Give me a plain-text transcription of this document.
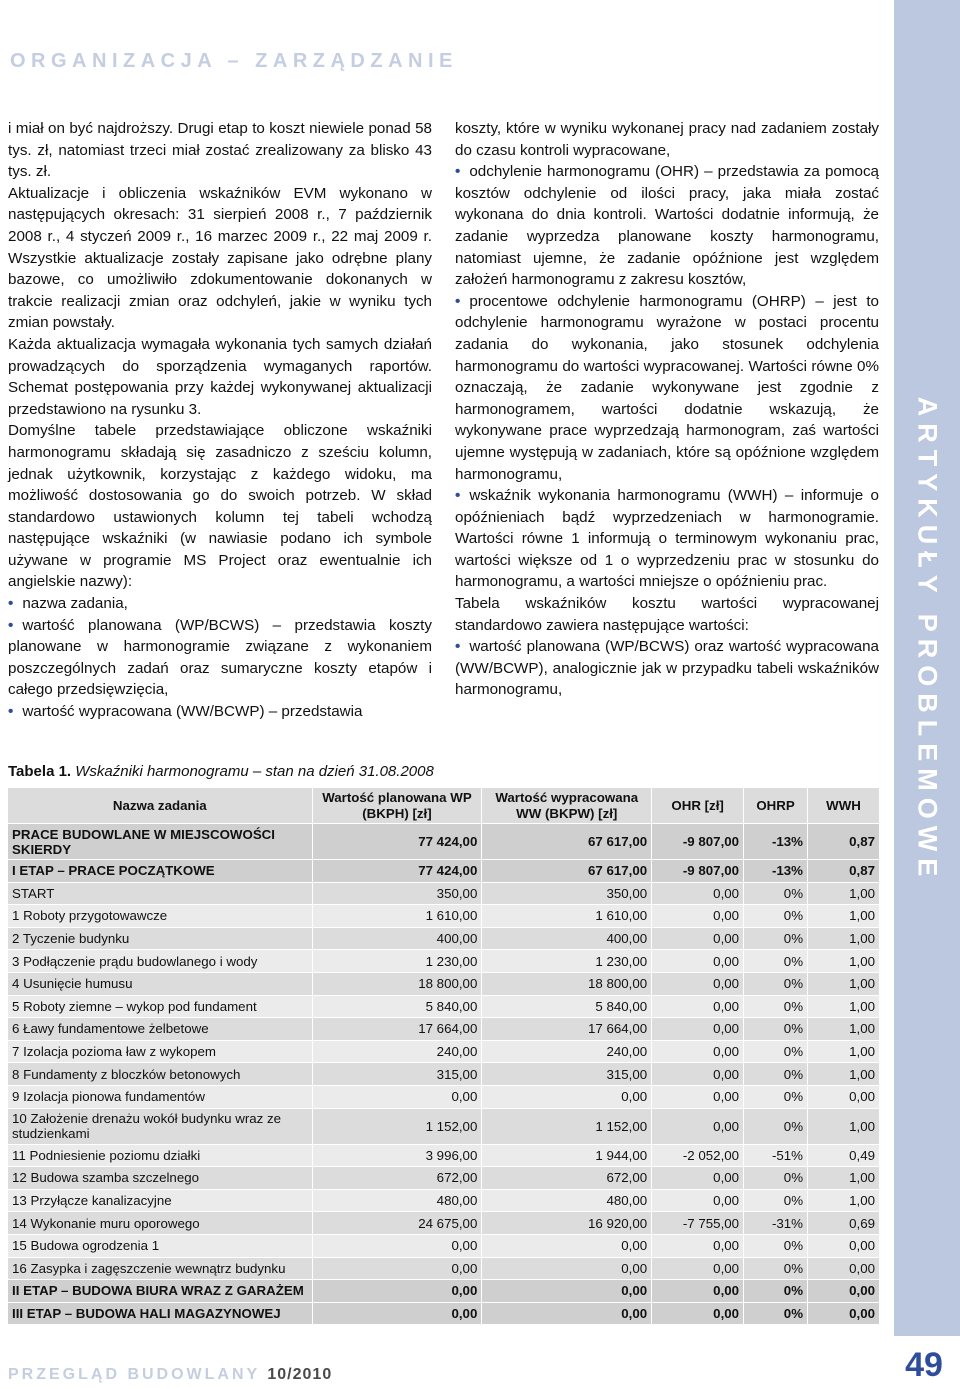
ORGANIZACJA – ZARZĄDZANIE
ARTYKUŁY PROBLEMOWE

i miał on być najdroższy. Drugi etap to koszt niewiele ponad 58 tys. zł, natomiast trzeci miał zostać zrealizowany za blisko 43 tys. zł.

Aktualizacje i obliczenia wskaźników EVM wykonano w następujących okresach: 31 sierpień 2008 r., 7 październik 2008 r., 4 styczeń 2009 r., 16 marzec 2009 r., 22 maj 2009 r. Wszystkie aktualizacje zostały zapisane jako odrębne plany bazowe, co umożliwiło zdokumentowanie dokonanych w trakcie realizacji zmian oraz odchyleń, jakie w wyniku tych zmian powstały.

Każda aktualizacja wymagała wykonania tych samych działań prowadzących do sporządzenia wymaganych raportów. Schemat postępowania przy każdej wykonywanej aktualizacji przedstawiono na rysunku 3.

Domyślne tabele przedstawiające obliczone wskaźniki harmonogramu składają się zasadniczo z sześciu kolumn, jednak użytkownik, korzystając z każdego widoku, ma możliwość dostosowania go do swoich potrzeb. W skład standardowo ustawionych kolumn tej tabeli wchodzą następujące wskaźniki (w nawiasie podano ich symbole używane w programie MS Project oraz ewentualnie ich angielskie nazwy):

• nazwa zadania,

• wartość planowana (WP/BCWS) – przedstawia koszty planowane w harmonogramie związane z wykonaniem poszczególnych zadań oraz sumaryczne koszty etapów i całego przedsięwzięcia,

• wartość wypracowana (WW/BCWP) – przedstawia

koszty, które w wyniku wykonanej pracy nad zadaniem zostały do czasu kontroli wypracowane,

• odchylenie harmonogramu (OHR) – przedstawia za pomocą kosztów odchylenie od ilości pracy, jaka miała zostać wykonana do dnia kontroli. Wartości dodatnie informują, że zadanie wyprzedza planowane koszty harmonogramu, natomiast ujemne, że zadanie opóźnione jest względem założeń harmonogramu z zakresu kosztów,

• procentowe odchylenie harmonogramu (OHRP) – jest to odchylenie harmonogramu wyrażone w postaci procentu zadania do wykonania, jako stosunek odchylenia harmonogramu do wartości wypracowanej. Wartości równe 0% oznaczają, że zadanie wykonywane jest zgodnie z harmonogramem, wartości dodatnie wskazują, że wykonywane prace wyprzedzają harmonogram, zaś wartości ujemne występują w zadaniach, które są opóźnione względem harmonogramu,

• wskaźnik wykonania harmonogramu (WWH) – informuje o opóźnieniach bądź wyprzedzeniach w harmonogramie. Wartości równe 1 informują o terminowym wykonaniu prac, wartości większe od 1 o wyprzedzeniu prac w stosunku do harmonogramu, a wartości mniejsze o opóźnieniu prac.

Tabela wskaźników kosztu wartości wypracowanej standardowo zawiera następujące wartości:

• wartość planowana (WP/BCWS) oraz wartość wypracowana (WW/BCWP), analogicznie jak w przypadku tabeli wskaźników harmonogramu,

Tabela 1. Wskaźniki harmonogramu – stan na dzień 31.08.2008
Nazwa zadania	Wartość planowana WP (BKPH) [zł]	Wartość wypracowana WW (BKPW) [zł]	OHR [zł]	OHRP	WWH
PRACE BUDOWLANE W MIEJSCOWOŚCI SKIERDY	77 424,00	67 617,00	-9 807,00	-13%	0,87
I ETAP – PRACE POCZĄTKOWE	77 424,00	67 617,00	-9 807,00	-13%	0,87
START	350,00	350,00	0,00	0%	1,00
1 Roboty przygotowawcze	1 610,00	1 610,00	0,00	0%	1,00
2 Tyczenie budynku	400,00	400,00	0,00	0%	1,00
3 Podłączenie prądu budowlanego i wody	1 230,00	1 230,00	0,00	0%	1,00
4 Usunięcie humusu	18 800,00	18 800,00	0,00	0%	1,00
5 Roboty ziemne – wykop pod fundament	5 840,00	5 840,00	0,00	0%	1,00
6 Ławy fundamentowe żelbetowe	17 664,00	17 664,00	0,00	0%	1,00
7 Izolacja pozioma ław z wykopem	240,00	240,00	0,00	0%	1,00
8 Fundamenty z bloczków betonowych	315,00	315,00	0,00	0%	1,00
9 Izolacja pionowa fundamentów	0,00	0,00	0,00	0%	0,00
10 Założenie drenażu wokół budynku wraz ze studzienkami	1 152,00	1 152,00	0,00	0%	1,00
11 Podniesienie poziomu działki	3 996,00	1 944,00	-2 052,00	-51%	0,49
12 Budowa szamba szczelnego	672,00	672,00	0,00	0%	1,00
13 Przyłącze kanalizacyjne	480,00	480,00	0,00	0%	1,00
14 Wykonanie muru oporowego	24 675,00	16 920,00	-7 755,00	-31%	0,69
15 Budowa ogrodzenia 1	0,00	0,00	0,00	0%	0,00
16 Zasypka i zagęszczenie wewnątrz budynku	0,00	0,00	0,00	0%	0,00
II ETAP – BUDOWA BIURA WRAZ Z GARAŻEM	0,00	0,00	0,00	0%	0,00
III ETAP – BUDOWA HALI MAGAZYNOWEJ	0,00	0,00	0,00	0%	0,00
PRZEGLĄD BUDOWLANY 10/2010	49
